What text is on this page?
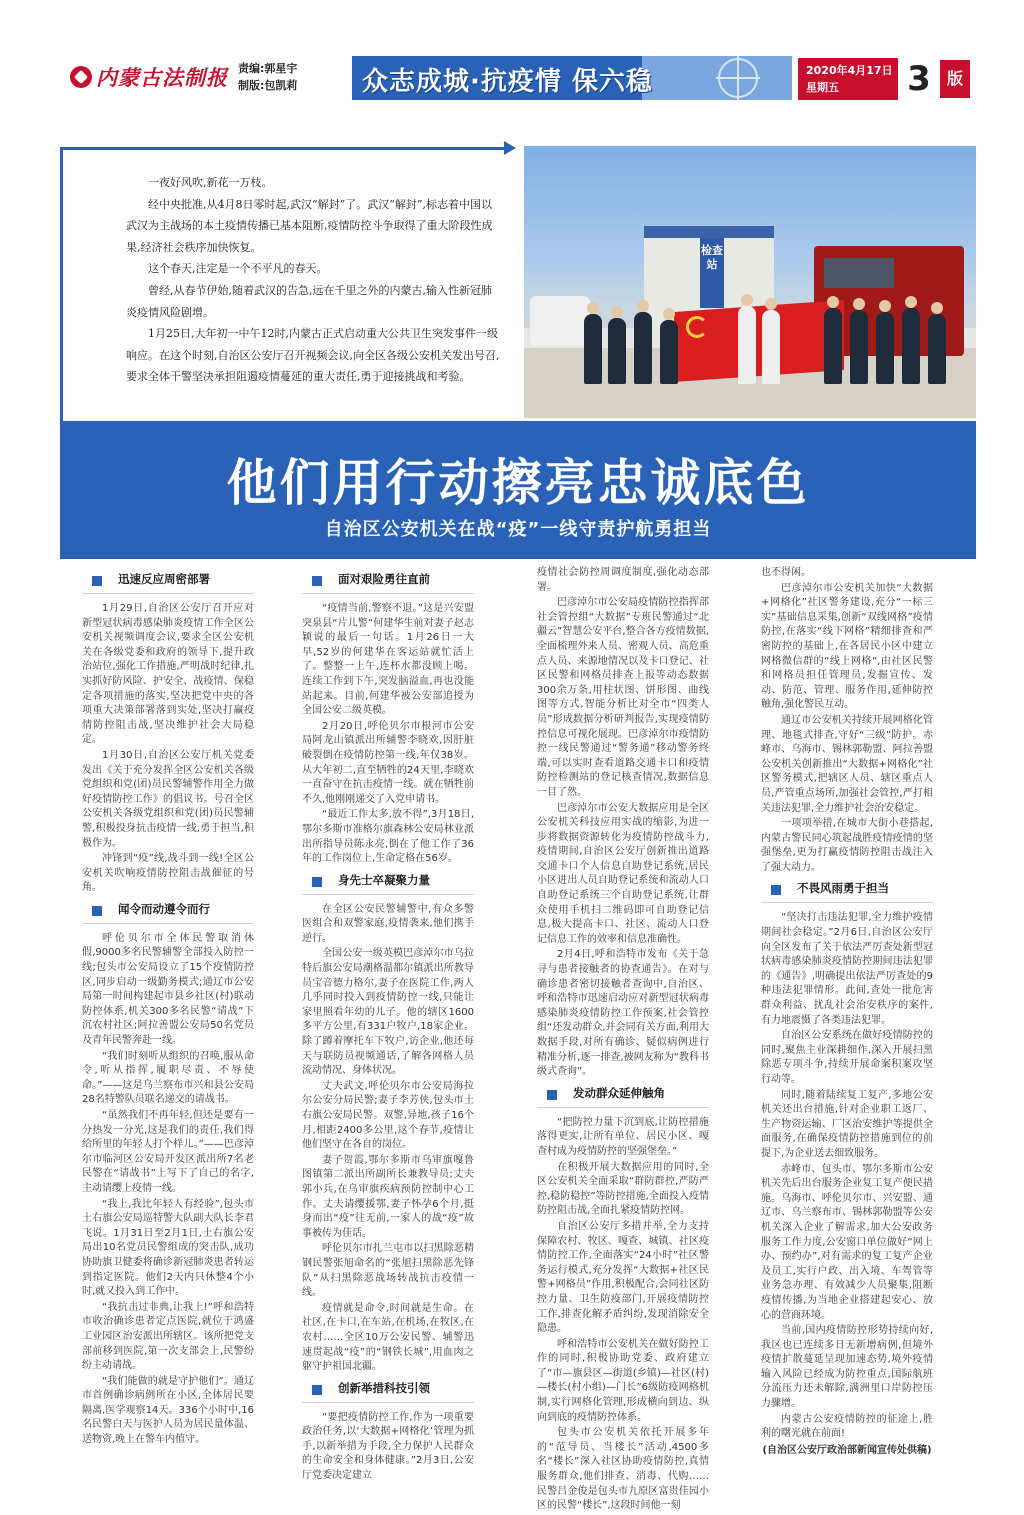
内蒙古法制报 责编:郭星宇
制版:包凯莉 众志成城·抗疫情 保六稳	2020年4月17日
星期五	3	版

一夜好风吹,新花一万枝。

经中央批准,从4月8日零时起,武汉“解封”了。武汉“解封”,标志着中国以武汉为主战场的本土疫情传播已基本阻断,疫情防控斗争取得了重大阶段性成果,经济社会秩序加快恢复。

这个春天,注定是一个不平凡的春天。

曾经,从春节伊始,随着武汉的告急,远在千里之外的内蒙古,输入性新冠肺炎疫情风险剧增。

1月25日,大年初一中午12时,内蒙古正式启动重大公共卫生突发事件一级响应。在这个时刻,自治区公安厅召开视频会议,向全区各级公安机关发出号召,要求全体干警坚决承担阻遏疫情蔓延的重大责任,勇于迎接挑战和考验。

检查站
他们用行动擦亮忠诚底色
自治区公安机关在战“疫”一线守责护航勇担当
迅速反应周密部署

1月29日,自治区公安厅召开应对新型冠状病毒感染肺炎疫情工作全区公安机关视频调度会议,要求全区公安机关在各级党委和政府的领导下,提升政治站位,强化工作措施,严明战时纪律,扎实抓好防风险、护安全、战疫情、保稳定各项措施的落实,坚决把党中央的各项重大决策部署落到实处,坚决打赢疫情防控阻击战,坚决维护社会大局稳定。

1月30日,自治区公安厅机关党委发出《关于充分发挥全区公安机关各级党组织和党(团)员民警辅警作用全力做好疫情防控工作》的倡议书。号召全区公安机关各级党组织和党(团)员民警辅警,积极投身抗击疫情一线,勇于担当,积极作为。

冲锋到“疫”线,战斗到一线!全区公安机关吹响疫情防控阻击战催征的号角。

闻令而动遵令而行

呼伦贝尔市全体民警取消休假,9000多名民警辅警全部投入防控一线;包头市公安局设立了15个疫情防控区,同步启动一级勤务模式;通辽市公安局第一时间构建起市县乡社区(村)联动防控体系,机关300多名民警“请战”下沉农村社区;阿拉善盟公安局50名党员及青年民警奔赴一线。

“我们时刻听从组织的召唤,服从命令,听从指挥,履职尽责、不辱使命。”——这是乌兰察布市兴和县公安局28名特警队员联名递交的请战书。

“虽然我们不再年轻,但还是要有一分热发一分光,这是我们的责任,我们得给所里的年轻人打个样儿。”——巴彦淖尔市临河区公安局开发区派出所7名老民警在“请战书”上写下了自己的名字,主动请缨上疫情一线。

“我上,我比年轻人有经验”,包头市土右旗公安局巡特警大队副大队长李君飞说。1月31日至2月1日,土右旗公安局出10名党员民警组成的突击队,成功协助旗卫健委将确诊新冠肺炎患者转运到指定医院。他们2天内只休整4个小时,就又投入到工作中。

“我抗击过非典,让我上!”呼和浩特市收治确诊患者定点医院,就位于鸿盛工业园区治安派出所辖区。该所把党支部前移到医院,第一次支部会上,民警纷纷主动请战。

“我们能做的就是守护他们”。通辽市首例确诊病例所在小区,全体居民要隔离,医学观察14天。336个小时中,16名民警白天与医护人员为居民量体温、送物资,晚上在警车内值守。

面对艰险勇往直前

“疫情当前,警察不退。”这是兴安盟突泉县“片儿警”何建华生前对妻子赵志颖说的最后一句话。1月26日一大早,52岁的何建华在客运站就忙活上了。整整一上午,连杯水都没顾上喝。连续工作到下午,突发脑溢血,再也没能站起来。目前,何建华被公安部追授为全国公安二级英模。

2月20日,呼伦贝尔市根河市公安局阿龙山镇派出所辅警李晓欢,因肝脏破裂倒在疫情防控第一线,年仅38岁。从大年初二,直至牺牲的24天里,李晓欢一直奋守在抗击疫情一线。就在牺牲前不久,他刚刚递交了入党申请书。

“最近工作太多,放不得”,3月18日,鄂尔多斯市准格尔旗森林公安局林业派出所指导员陈永亮,倒在了他工作了36年的工作岗位上,生命定格在56岁。

身先士卒凝聚力量

在全区公安民警辅警中,有众多警医组合和双警家庭,疫情袭来,他们携手逆行。

全国公安一级英模巴彦淖尔市乌拉特后旗公安局潮格温都尔镇派出所教导员宝音德力格尔,妻子在医院工作,两人几乎同时投入到疫情防控一线,只能让家里照看年幼的儿子。他的辖区1600多平方公里,有331户牧户,18家企业。除了蹲着摩托车下牧户,访企业,他还每天与联防员视频通话,了解各网格人员流动情况、身体状况。

丈夫武文,呼伦贝尔市公安局海拉尔公安分局民警;妻子李芳侠,包头市土右旗公安局民警。双警,异地,孩子16个月,相距2400多公里,这个春节,疫情让他们坚守在各自的岗位。

妻子贺霞,鄂尔多斯市乌审旗嘎鲁图镇第二派出所副所长兼教导员;丈夫郭小兵,在乌审旗疾病预防控制中心工作。丈夫请缨援鄂,妻子怀孕6个月,挺身而出“疫”往无前,一家人的战“疫”故事被传为佳话。

呼伦贝尔市扎兰屯市以扫黑除恶精钢民警张旭命名的“张旭扫黑除恶先锋队”从扫黑除恶战场转战抗击疫情一线。

疫情就是命令,时间就是生命。在社区,在卡口,在车站,在机场,在牧区,在农村……全区10万公安民警、辅警迅速贯起战“疫”的“钢铁长城”,用血肉之躯守护祖国北疆。

创新举措科技引领

“要把疫情防控工作,作为一项重要政治任务,以‘大数据+网格化’管理为抓手,以新举措为手段,全力保护人民群众的生命安全和身体健康。”2月3日,公安厅党委决定建立

疫情社会防控周调度制度,强化动态部署。

巴彦淖尔市公安局疫情防控指挥部社会管控组“大数据”专班民警通过“北疆云”智慧公安平台,整合各方疫情数据,全面梳理外来人员、密观人员、高危重点人员、来源地情况以及卡口登记、社区民警和网格员排查上报等动态数据300余万条,用柱状图、饼形图、曲线图等方式,智能分析比对全市“四类人员”形成数据分析研判报告,实现疫情防控信息可视化展现。巴彦淖尔市疫情防控一线民警通过“警务通”移动警务终端,可以实时查看道路交通卡口和疫情防控检测站的登记核查情况,数据信息一目了然。

巴彦淖尔市公安大数据应用是全区公安机关科技应用实战的缩影,为进一步将数据资源转化为疫情防控战斗力,疫情期间,自治区公安厅创新推出道路交通卡口个人信息自助登记系统,居民小区进出人员自助登记系统和流动人口自助登记系统三个自助登记系统,让群众使用手机扫二维码即可自助登记信息,极大提高卡口、社区、流动人口登记信息工作的效率和信息准确性。

2月4日,呼和浩特市发布《关于急寻与患者接触者的协查通告》。在对与确诊患者密切接触者查询中,自治区、呼和浩特市迅速启动应对新型冠状病毒感染肺炎疫情防控工作预案,社会管控组“还发动群众,并会同有关方面,利用大数据手段,对所有确诊、疑似病例进行精准分析,逐一排查,被网友称为“教科书级式查询”。

发动群众延伸触角

“把防控力量下沉到底,让防控措施落得更实,让所有单位、居民小区、嘎查村成为疫情防控的坚强堡垒。”

在积极开展大数据应用的同时,全区公安机关全面采取“群防群控,严防严控,稳防稳控”等防控措施,全面投入疫情防控阻击战,全面扎紧疫情防控网。

自治区公安厅多措并举,全力支持保障农村、牧区、嘎查、城镇、社区疫情防控工作,全面落实“24小时”社区警务运行模式,充分发挥“大数据+社区民警+网格员”作用,积极配合,会同社区防控力量、卫生防疫部门,开展疫情防控工作,排查化解矛盾纠纷,发现消除安全隐患。

呼和浩特市公安机关在做好防控工作的同时,积极协助党委、政府建立了“市—旗县区—街道(乡镇)—社区(村)—楼长(村小组)—门长”6级防疫网格机制,实行网格化管理,形成横向到边、纵向到底的疫情防控体系。

包头市公安机关依托开展多年的“范导员、当楼长”活动,4500多名“楼长”深入社区协助疫情防控,真情服务群众,他们排查、消毒、代购……民警吕金俊是包头市九原区富贵佳园小区的民警“楼长”,这段时间他一刻

也不得闲。

巴彦淖尔市公安机关加快“大数据+网格化”社区警务建设,充分“一标三实”基础信息采集,创新“双线网格”疫情防控,在落实“线下网格”精细排查和严密防控的基础上,在各居民小区中建立网格微信群的“线上网格”,由社区民警和网格员担任管理员,发掘宣传、发动、防范、管理、服务作用,延伸防控触角,强化警民互动。

通辽市公安机关持续开展网格化管理、地毯式排查,守好“三级”防护。赤峰市、乌海市、锡林郭勒盟、阿拉善盟公安机关创新推出“大数据+网格化”社区警务模式,把辖区人员、辖区重点人员,严管重点场所,加强社会管控,严打相关违法犯罪,全力维护社会治安稳定。

一项项举措,在城市大街小巷搭起,内蒙古警民同心筑起战胜疫情疫情的坚强堡垒,更为打赢疫情防控阻击战注入了强大动力。

不畏风雨勇于担当

“坚决打击违法犯罪,全力维护疫情期间社会稳定。”2月6日,自治区公安厅向全区发布了关于依法严厉查处新型冠状病毒感染肺炎疫情防控期间违法犯罪的《通告》,明确提出依法严厉查处的9种违法犯罪情形。此间,查处一批危害群众利益、扰乱社会治安秩序的案件,有力地震慑了各类违法犯罪。

自治区公安系统在做好疫情防控的同时,聚焦主业深耕细作,深入开展扫黑除恶专项斗争,持续开展命案积案攻坚行动等。

同时,随着陆续复工复产,多地公安机关还出台措施,针对企业职工返厂、生产物资运输、厂区治安维护等提供全面服务,在确保疫情防控措施到位的前提下,为企业送去细致服务。

赤峰市、包头市、鄂尔多斯市公安机关先后出台服务企业复工复产便民措施。乌海市、呼伦贝尔市、兴安盟、通辽市、乌兰察布市、锡林郭勒盟等公安机关深入企业了解需求,加大公安政务服务工作力度,公安窗口单位做好“网上办、预约办”,对有需求的复工复产企业及员工,实行户政、出入境、车驾管等业务急办理、有效减少人员聚集,阻断疫情传播,为当地企业搭建起安心、放心的营商环境。

当前,国内疫情防控形势持续向好,我区也已连续多日无新增病例,但境外疫情扩散蔓延呈现加速态势,境外疫情输入风险已经成为防控重点,国际航班分流压力还未解除,满洲里口岸防控压力骤增。

内蒙古公安疫情防控的征途上,胜利的曙光就在前面!

(自治区公安厅政治部新闻宣传处供稿)
